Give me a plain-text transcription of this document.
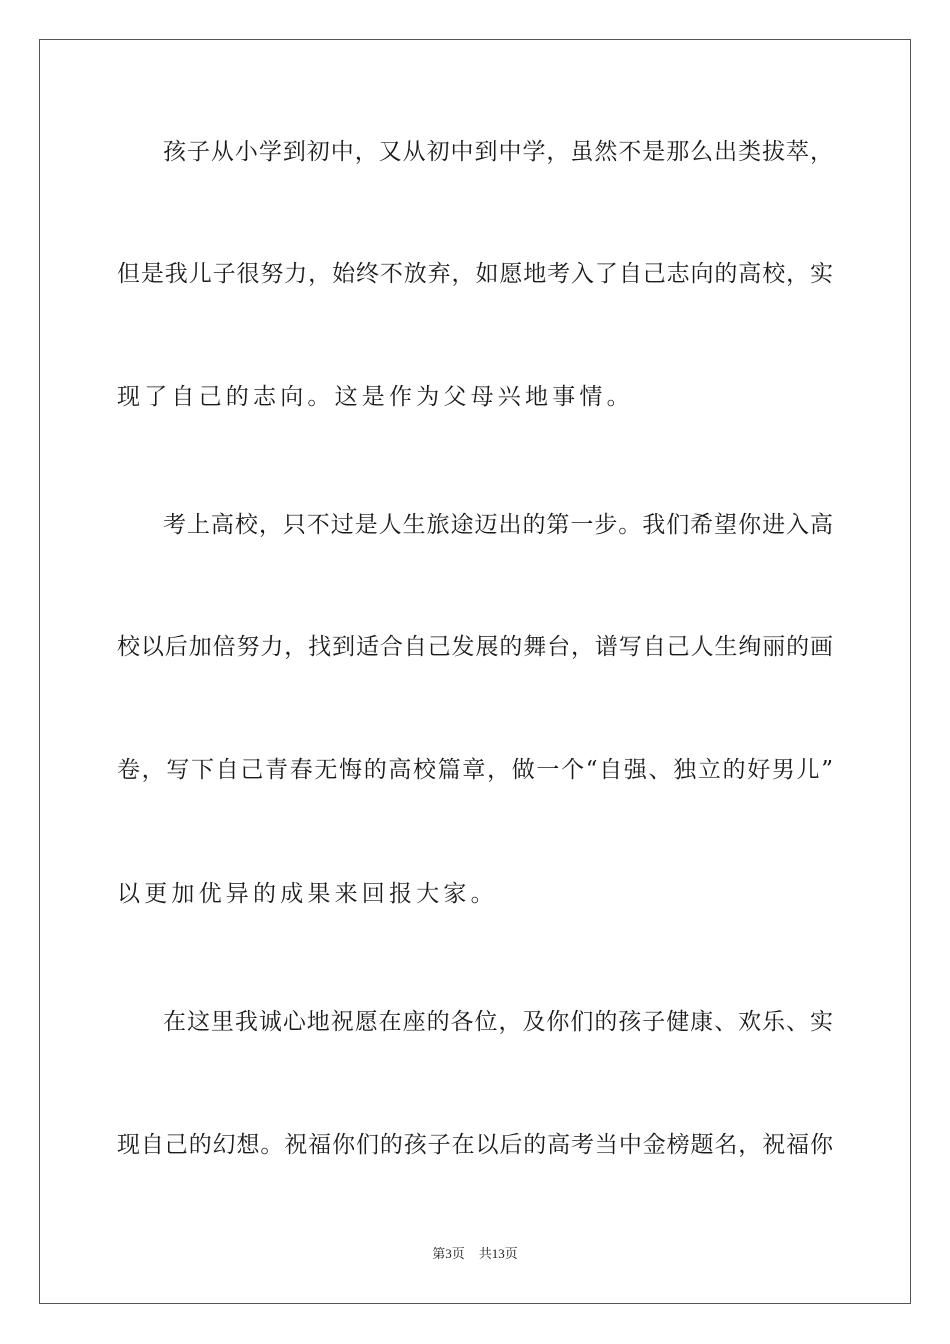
孩子从小学到初中，又从初中到中学，虽然不是那么出类拔萃，
但是我儿子很努力，始终不放弃，如愿地考入了自己志向的高校，实
现了自己的志向。这是作为父母兴地事情。
考上高校，只不过是人生旅途迈出的第一步。我们希望你进入高
校以后加倍努力，找到适合自己发展的舞台，谱写自己人生绚丽的画
卷，写下自己青春无悔的高校篇章，做一个“自强、独立的好男儿”
以更加优异的成果来回报大家。
在这里我诚心地祝愿在座的各位，及你们的孩子健康、欢乐、实
现自己的幻想。祝福你们的孩子在以后的高考当中金榜题名，祝福你
第3页 共13页
